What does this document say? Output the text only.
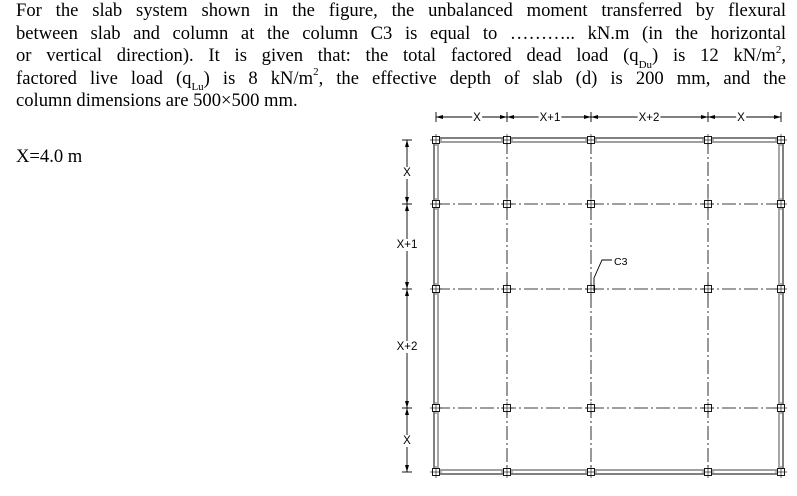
For the slab system shown in the figure, the unbalanced moment transferred by flexural
between slab and column at the column C3 is equal to ……….. kN.m (in the horizontal
or vertical direction). It is given that: the total factored dead load $(q_{Du})$ is 12 $kN/m^2$,
factored live load $(q_{Lu})$ is 8 $kN/m^2$, the effective depth of slab (d) is 200 mm, and the
column dimensions are 500×500 mm.
X=4.0 m
X	X+1	X+2	X
X
X+1
X+2
X
C3
